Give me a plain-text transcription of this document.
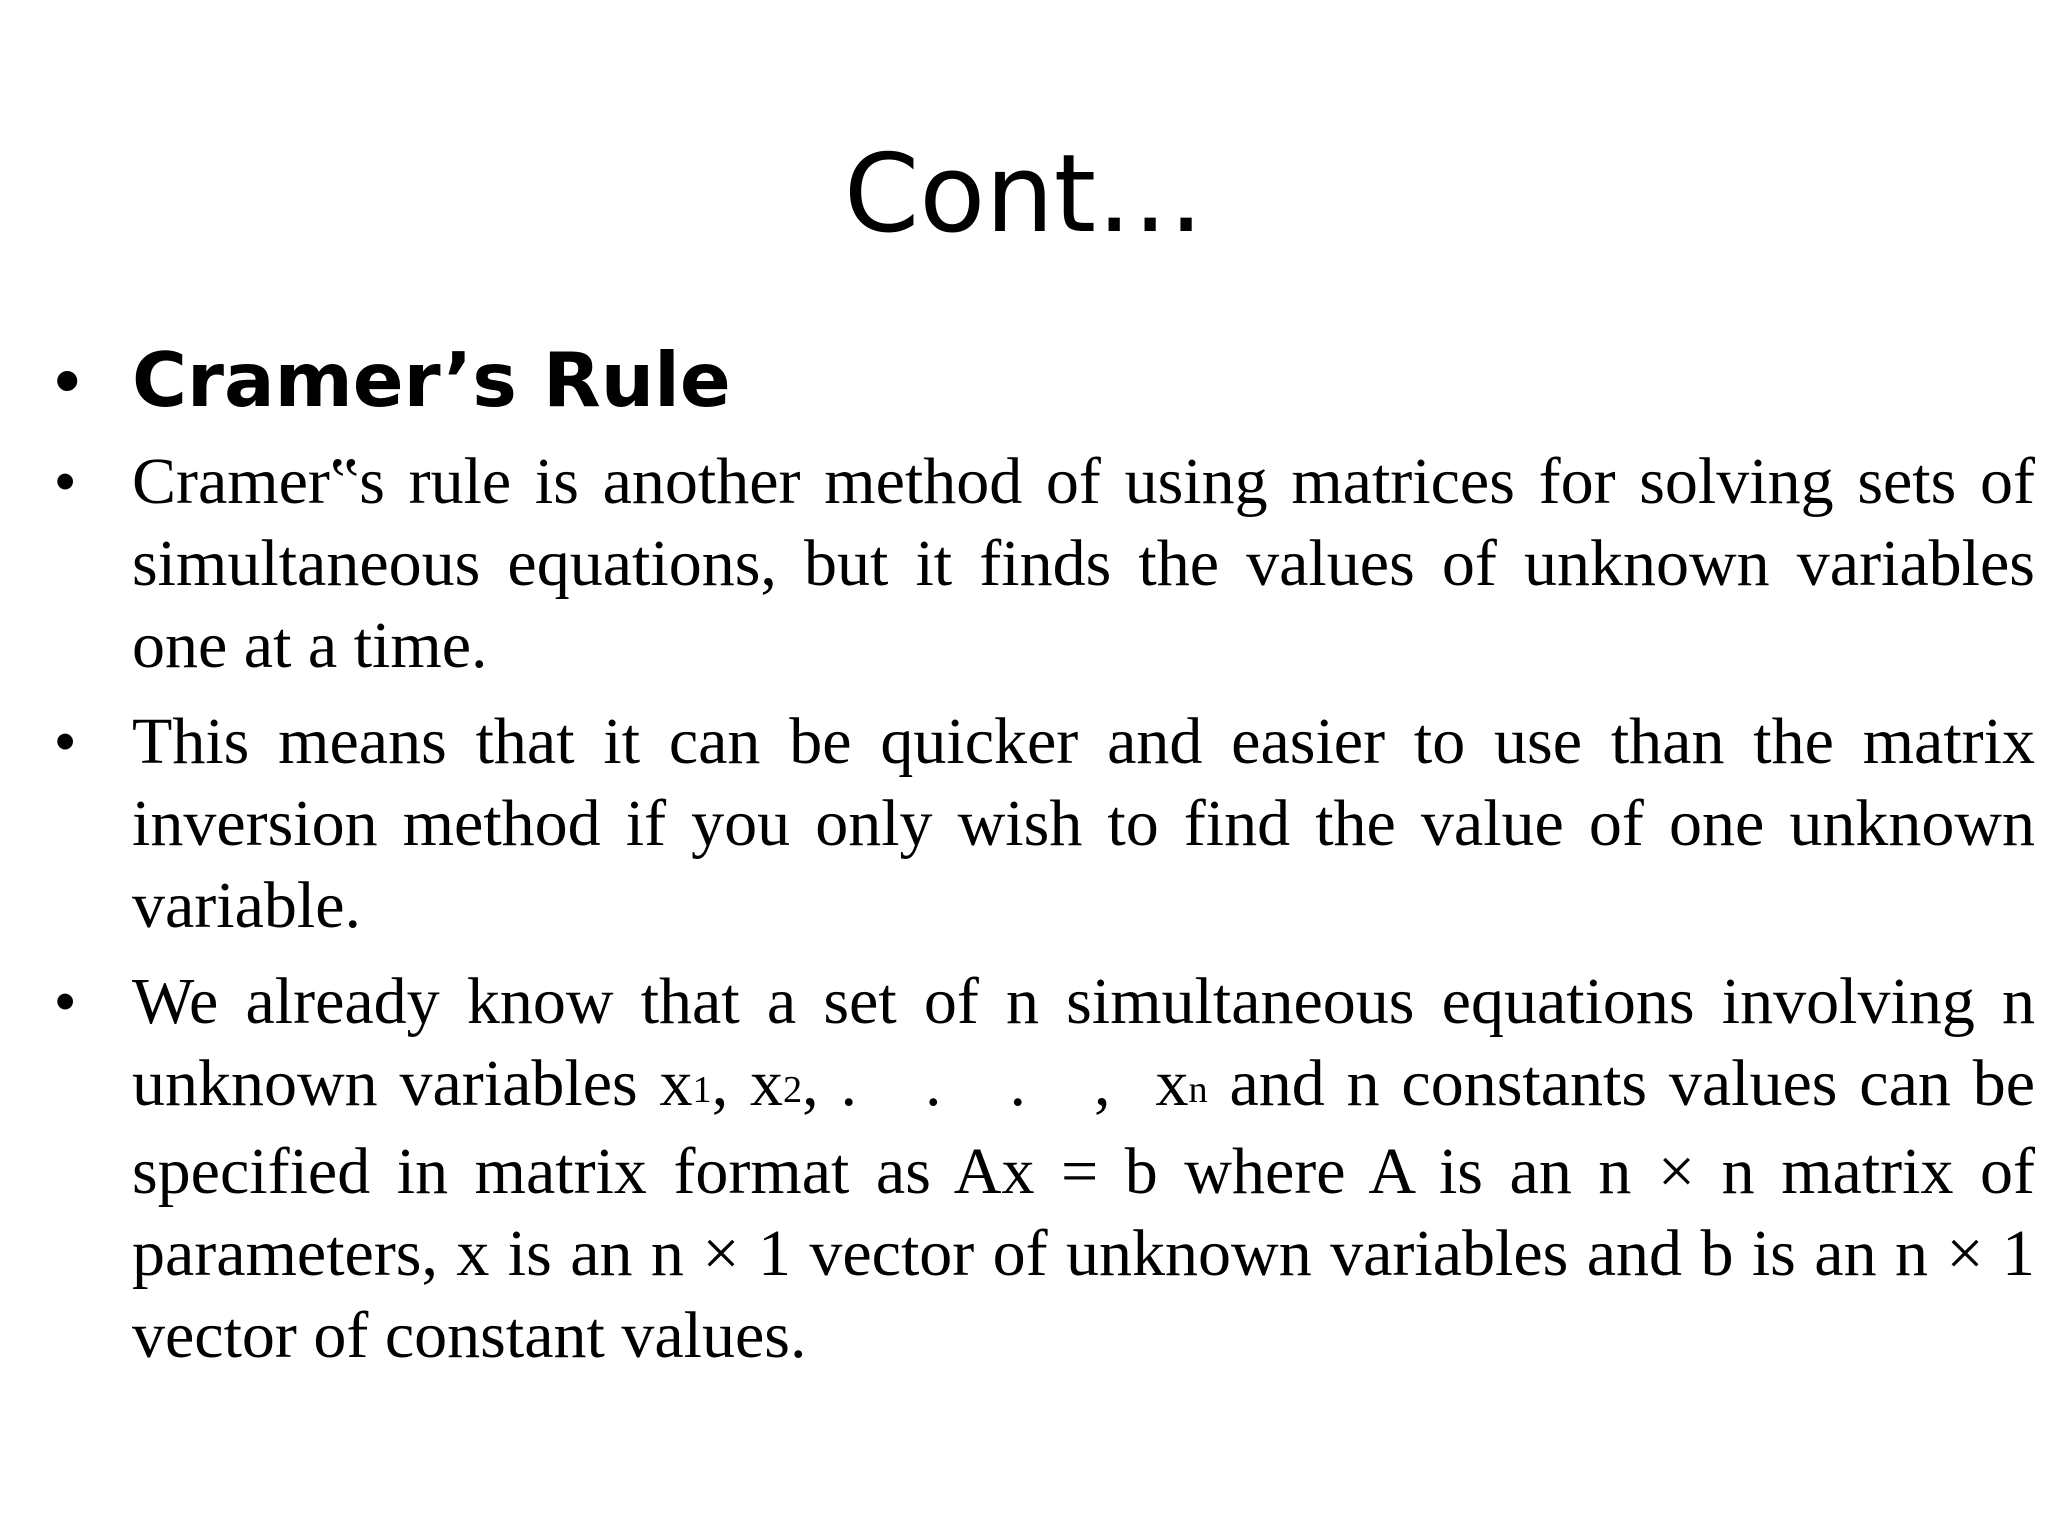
Cont…
• Cramer’s Rule
• Cramer‟s rule is another method of using matrices for solving sets of simultaneous equations, but it finds the values of unknown variables one at a time.
• This means that it can be quicker and easier to use than the matrix inversion method if you only wish to find the value of one unknown variable.
• We already know that a set of n simultaneous equations involving n unknown variables x1, x2, . . . , xn and n constants values can be specified in matrix format as Ax = b where A is an n × n matrix of parameters, x is an n × 1 vector of unknown variables and b is an n × 1 vector of constant values.
